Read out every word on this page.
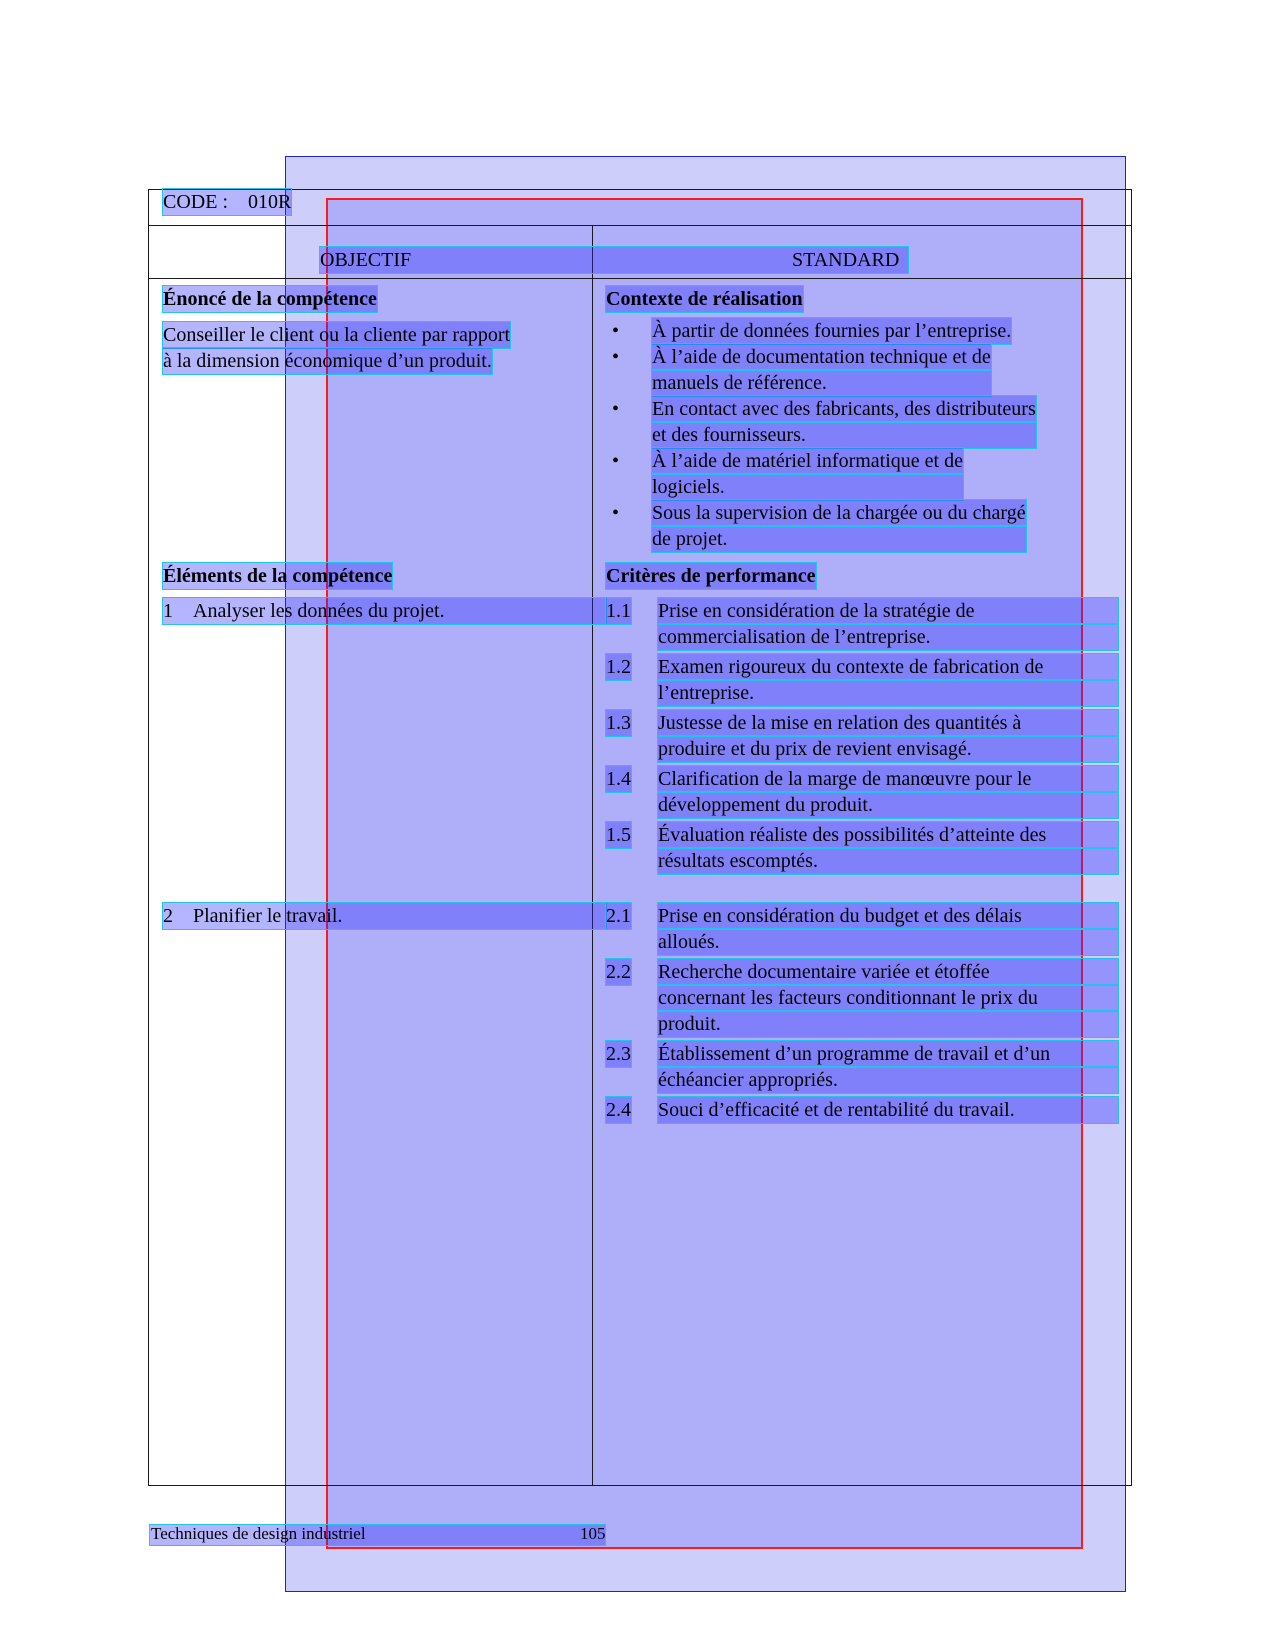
CODE : 010R
OBJECTIF	STANDARD
Énoncé de la compétence
Conseiller le client ou la cliente par rapport
à la dimension économique d’un produit.
Contexte de réalisation
• À partir de données fournies par l’entreprise.
• À l’aide de documentation technique et de
manuels de référence.
• En contact avec des fabricants, des distributeurs
et des fournisseurs.
• À l’aide de matériel informatique et de
logiciels.
• Sous la supervision de la chargée ou du chargé
de projet.
Éléments de la compétence
1 Analyser les données du projet.
2 Planifier le travail.
Critères de performance
1.1 Prise en considération de la stratégie de
commercialisation de l’entreprise.
1.2 Examen rigoureux du contexte de fabrication de
l’entreprise.
1.3 Justesse de la mise en relation des quantités à
produire et du prix de revient envisagé.
1.4 Clarification de la marge de manœuvre pour le
développement du produit.
1.5 Évaluation réaliste des possibilités d’atteinte des
résultats escomptés.
2.1 Prise en considération du budget et des délais
alloués.
2.2 Recherche documentaire variée et étoffée
concernant les facteurs conditionnant le prix du
produit.
2.3 Établissement d’un programme de travail et d’un
échéancier appropriés.
2.4 Souci d’efficacité et de rentabilité du travail.
Techniques de design industriel	105
